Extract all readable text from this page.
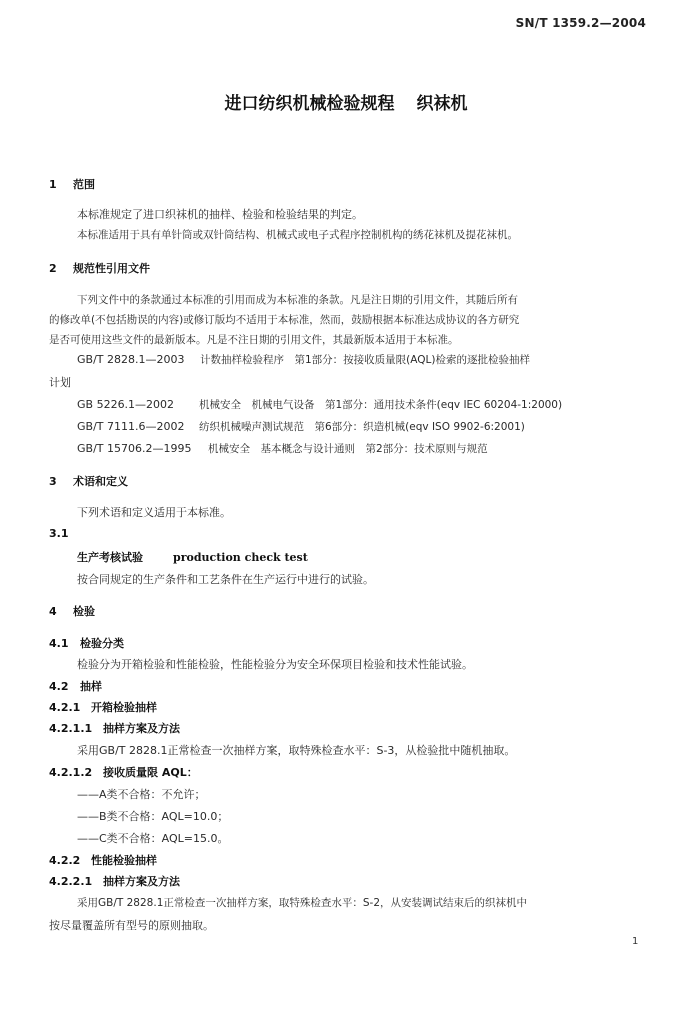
SN/T 1359.2—2004
进口纺织机械检验规程 织袜机
1 范围
本标准规定了进口织袜机的抽样、检验和检验结果的判定。
本标准适用于具有单针筒或双针筒结构、机械式或电子式程序控制机构的绣花袜机及提花袜机。
2 规范性引用文件
下列文件中的条款通过本标准的引用而成为本标准的条款。凡是注日期的引用文件，其随后所有
的修改单(不包括勘误的内容)或修订版均不适用于本标准，然而，鼓励根据本标准达成协议的各方研究
是否可使用这些文件的最新版本。凡是不注日期的引用文件，其最新版本适用于本标准。
GB/T 2828.1—2003 计数抽样检验程序　第1部分：按接收质量限(AQL)检索的逐批检验抽样
计划
GB 5226.1—2002 机械安全　机械电气设备　第1部分：通用技术条件(eqv IEC 60204-1:2000)
GB/T 7111.6—2002 纺织机械噪声测试规范　第6部分：织造机械(eqv ISO 9902-6:2001)
GB/T 15706.2—1995 机械安全　基本概念与设计通则　第2部分：技术原则与规范
3 术语和定义
下列术语和定义适用于本标准。
3.1
生产考核试验	production check test
按合同规定的生产条件和工艺条件在生产运行中进行的试验。
4 检验
4.1 检验分类
检验分为开箱检验和性能检验，性能检验分为安全环保项目检验和技术性能试验。
4.2 抽样
4.2.1 开箱检验抽样
4.2.1.1 抽样方案及方法
采用GB/T 2828.1正常检查一次抽样方案，取特殊检查水平：S-3，从检验批中随机抽取。
4.2.1.2 接收质量限 AQL：
——A类不合格：不允许；
——B类不合格：AQL=10.0；
——C类不合格：AQL=15.0。
4.2.2 性能检验抽样
4.2.2.1 抽样方案及方法
采用GB/T 2828.1正常检查一次抽样方案，取特殊检查水平：S-2，从安装调试结束后的织袜机中
按尽量覆盖所有型号的原则抽取。
1
